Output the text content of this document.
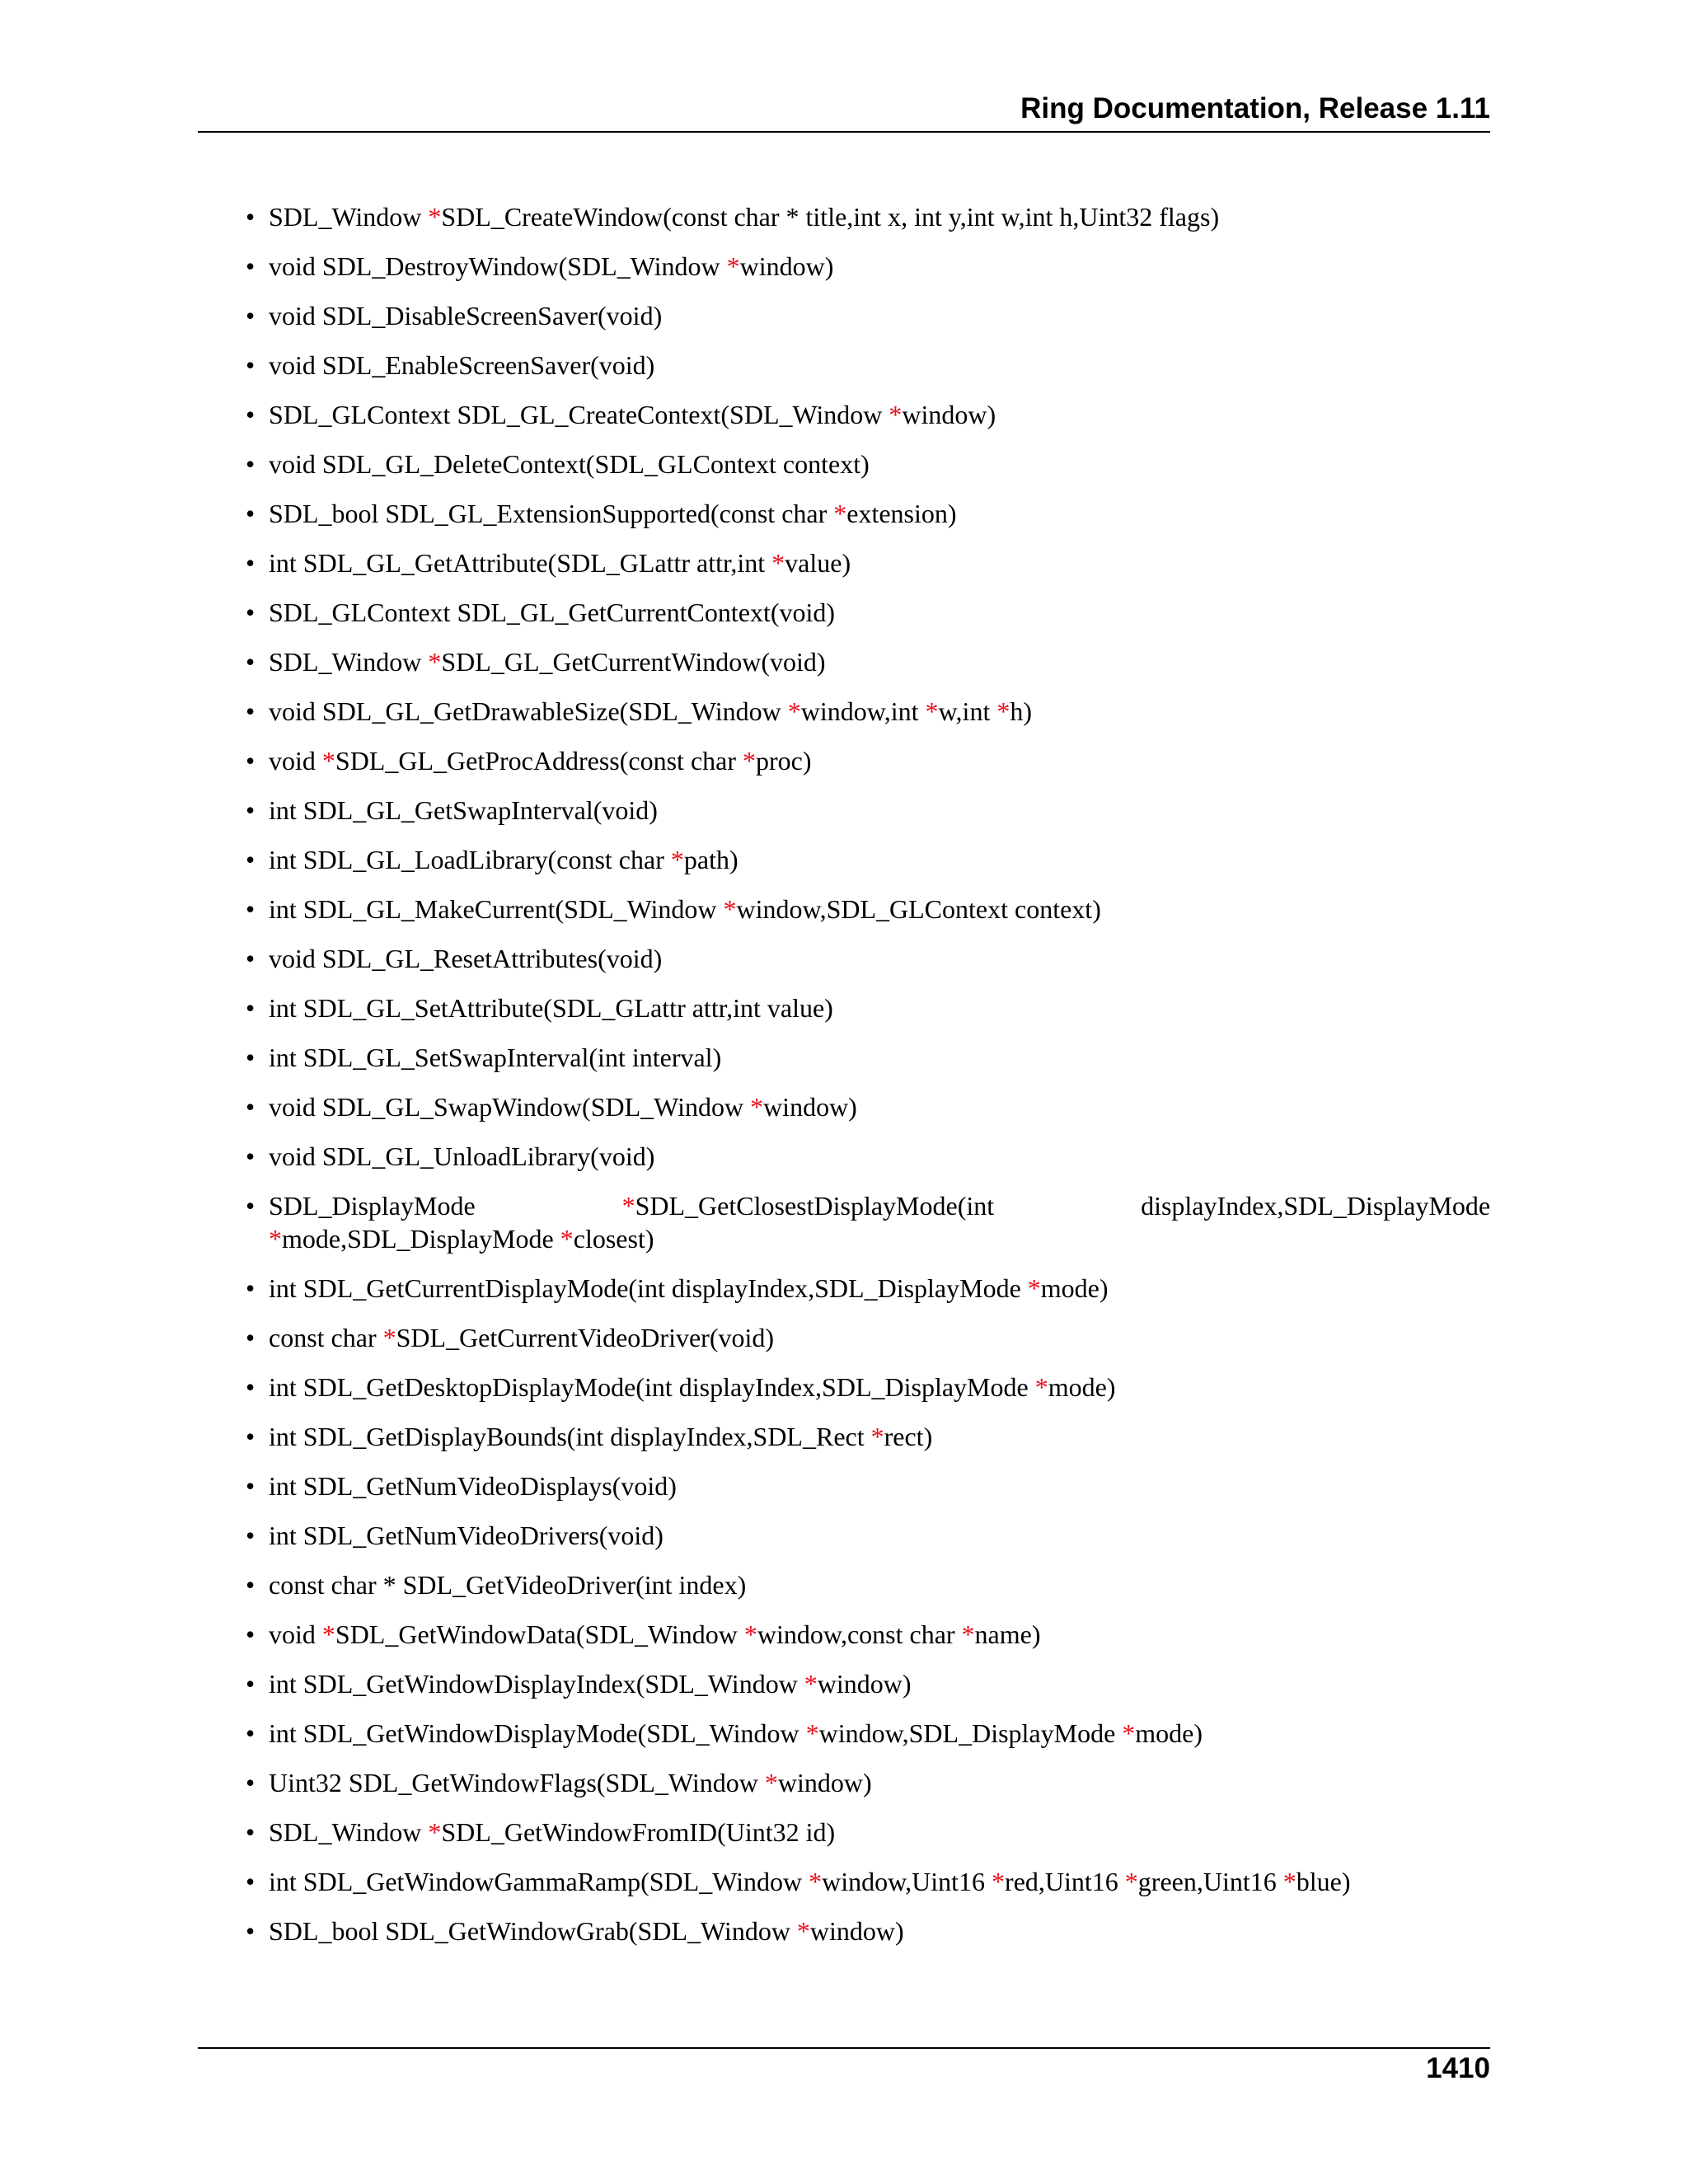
Ring Documentation, Release 1.11
• SDL_Window *SDL_CreateWindow(const char * title,int x, int y,int w,int h,Uint32 flags)
• void SDL_DestroyWindow(SDL_Window *window)
• void SDL_DisableScreenSaver(void)
• void SDL_EnableScreenSaver(void)
• SDL_GLContext SDL_GL_CreateContext(SDL_Window *window)
• void SDL_GL_DeleteContext(SDL_GLContext context)
• SDL_bool SDL_GL_ExtensionSupported(const char *extension)
• int SDL_GL_GetAttribute(SDL_GLattr attr,int *value)
• SDL_GLContext SDL_GL_GetCurrentContext(void)
• SDL_Window *SDL_GL_GetCurrentWindow(void)
• void SDL_GL_GetDrawableSize(SDL_Window *window,int *w,int *h)
• void *SDL_GL_GetProcAddress(const char *proc)
• int SDL_GL_GetSwapInterval(void)
• int SDL_GL_LoadLibrary(const char *path)
• int SDL_GL_MakeCurrent(SDL_Window *window,SDL_GLContext context)
• void SDL_GL_ResetAttributes(void)
• int SDL_GL_SetAttribute(SDL_GLattr attr,int value)
• int SDL_GL_SetSwapInterval(int interval)
• void SDL_GL_SwapWindow(SDL_Window *window)
• void SDL_GL_UnloadLibrary(void)
• SDL_DisplayMode	*SDL_GetClosestDisplayMode(int	displayIndex,SDL_DisplayMode *mode,SDL_DisplayMode *closest)
• int SDL_GetCurrentDisplayMode(int displayIndex,SDL_DisplayMode *mode)
• const char *SDL_GetCurrentVideoDriver(void)
• int SDL_GetDesktopDisplayMode(int displayIndex,SDL_DisplayMode *mode)
• int SDL_GetDisplayBounds(int displayIndex,SDL_Rect *rect)
• int SDL_GetNumVideoDisplays(void)
• int SDL_GetNumVideoDrivers(void)
• const char * SDL_GetVideoDriver(int index)
• void *SDL_GetWindowData(SDL_Window *window,const char *name)
• int SDL_GetWindowDisplayIndex(SDL_Window *window)
• int SDL_GetWindowDisplayMode(SDL_Window *window,SDL_DisplayMode *mode)
• Uint32 SDL_GetWindowFlags(SDL_Window *window)
• SDL_Window *SDL_GetWindowFromID(Uint32 id)
• int SDL_GetWindowGammaRamp(SDL_Window *window,Uint16 *red,Uint16 *green,Uint16 *blue)
• SDL_bool SDL_GetWindowGrab(SDL_Window *window)
1410
